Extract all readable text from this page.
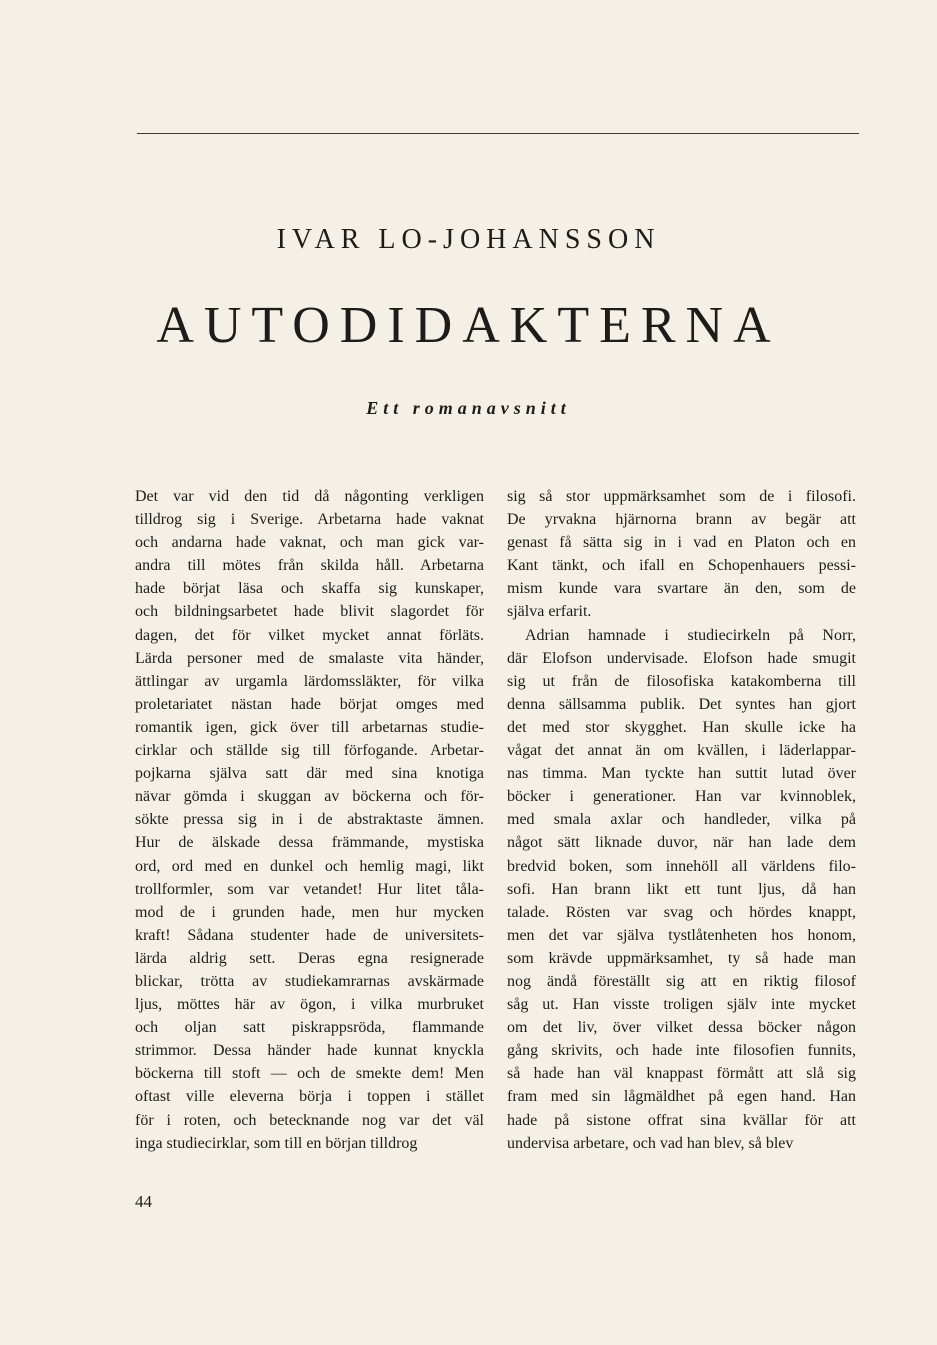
IVAR LO-JOHANSSON
AUTODIDAKTERNA
Ett romanavsnitt
Det var vid den tid då någonting verkligen
tilldrog sig i Sverige. Arbetarna hade vaknat
och andarna hade vaknat, och man gick var-
andra till mötes från skilda håll. Arbetarna
hade börjat läsa och skaffa sig kunskaper,
och bildningsarbetet hade blivit slagordet för
dagen, det för vilket mycket annat förläts.
Lärda personer med de smalaste vita händer,
ättlingar av urgamla lärdomssläkter, för vilka
proletariatet nästan hade börjat omges med
romantik igen, gick över till arbetarnas studie-
cirklar och ställde sig till förfogande. Arbetar-
pojkarna själva satt där med sina knotiga
nävar gömda i skuggan av böckerna och för-
sökte pressa sig in i de abstraktaste ämnen.
Hur de älskade dessa främmande, mystiska
ord, ord med en dunkel och hemlig magi, likt
trollformler, som var vetandet! Hur litet tåla-
mod de i grunden hade, men hur mycken
kraft! Sådana studenter hade de universitets-
lärda aldrig sett. Deras egna resignerade
blickar, trötta av studiekamrarnas avskärmade
ljus, möttes här av ögon, i vilka murbruket
och oljan satt piskrappsröda, flammande
strimmor. Dessa händer hade kunnat knyckla
böckerna till stoft — och de smekte dem! Men
oftast ville eleverna börja i toppen i stället
för i roten, och betecknande nog var det väl
inga studiecirklar, som till en början tilldrog
sig så stor uppmärksamhet som de i filosofi.
De yrvakna hjärnorna brann av begär att
genast få sätta sig in i vad en Platon och en
Kant tänkt, och ifall en Schopenhauers pessi-
mism kunde vara svartare än den, som de
själva erfarit.
Adrian hamnade i studiecirkeln på Norr,
där Elofson undervisade. Elofson hade smugit
sig ut från de filosofiska katakomberna till
denna sällsamma publik. Det syntes han gjort
det med stor skygghet. Han skulle icke ha
vågat det annat än om kvällen, i läderlappar-
nas timma. Man tyckte han suttit lutad över
böcker i generationer. Han var kvinnoblek,
med smala axlar och handleder, vilka på
något sätt liknade duvor, när han lade dem
bredvid boken, som innehöll all världens filo-
sofi. Han brann likt ett tunt ljus, då han
talade. Rösten var svag och hördes knappt,
men det var själva tystlåtenheten hos honom,
som krävde uppmärksamhet, ty så hade man
nog ändå föreställt sig att en riktig filosof
såg ut. Han visste troligen själv inte mycket
om det liv, över vilket dessa böcker någon
gång skrivits, och hade inte filosofien funnits,
så hade han väl knappast förmått att slå sig
fram med sin lågmäldhet på egen hand. Han
hade på sistone offrat sina kvällar för att
undervisa arbetare, och vad han blev, så blev
44
